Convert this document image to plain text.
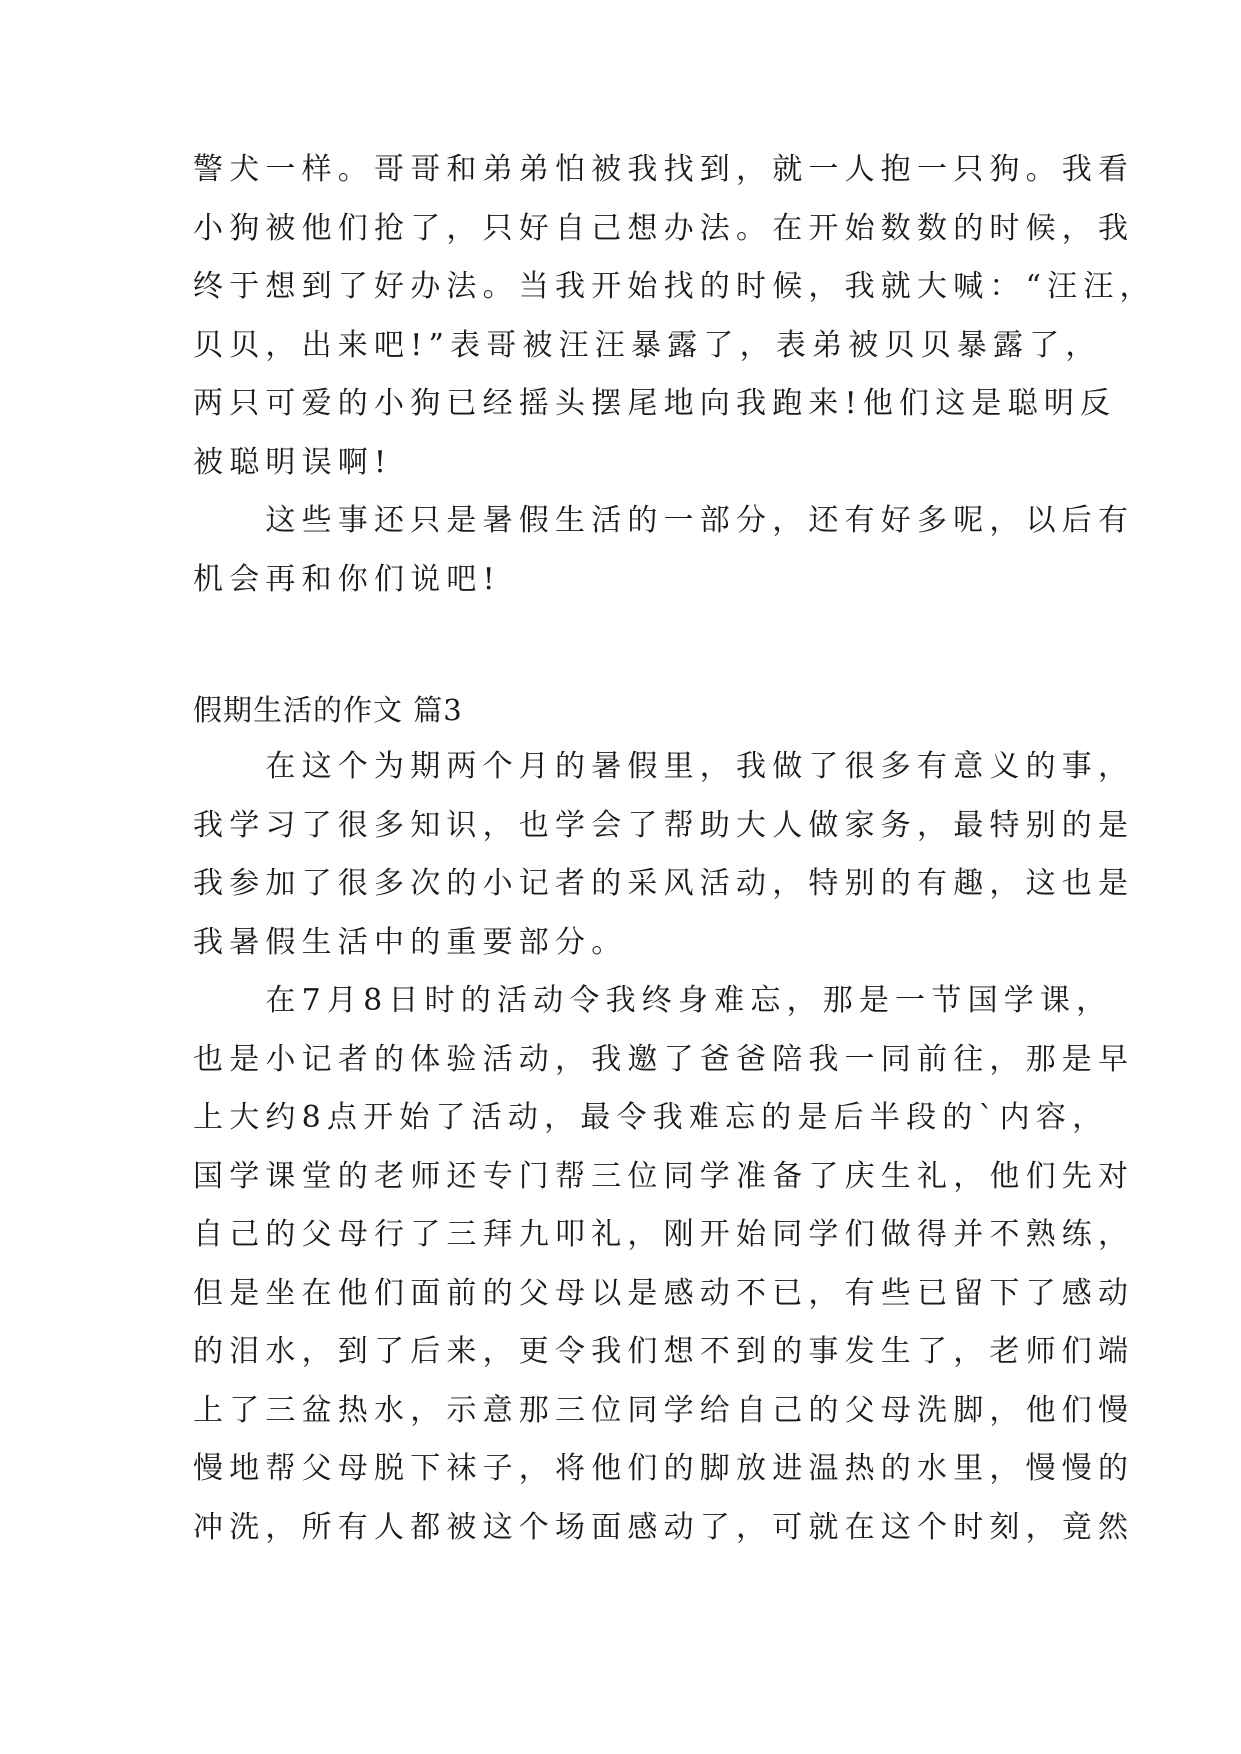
警犬一样。哥哥和弟弟怕被我找到，就一人抱一只狗。我看
小狗被他们抢了，只好自己想办法。在开始数数的时候，我
终于想到了好办法。当我开始找的时候，我就大喊：“汪汪，
贝贝，出来吧!”表哥被汪汪暴露了，表弟被贝贝暴露了，
两只可爱的小狗已经摇头摆尾地向我跑来!他们这是聪明反
被聪明误啊!
　　这些事还只是暑假生活的一部分，还有好多呢，以后有
机会再和你们说吧!
假期生活的作文 篇3
　　在这个为期两个月的暑假里，我做了很多有意义的事，
我学习了很多知识，也学会了帮助大人做家务，最特别的是
我参加了很多次的小记者的采风活动，特别的有趣，这也是
我暑假生活中的重要部分。
　　在7月8日时的活动令我终身难忘，那是一节国学课，
也是小记者的体验活动，我邀了爸爸陪我一同前往，那是早
上大约8点开始了活动，最令我难忘的是后半段的`内容，
国学课堂的老师还专门帮三位同学准备了庆生礼，他们先对
自己的父母行了三拜九叩礼，刚开始同学们做得并不熟练，
但是坐在他们面前的父母以是感动不已，有些已留下了感动
的泪水，到了后来，更令我们想不到的事发生了，老师们端
上了三盆热水，示意那三位同学给自己的父母洗脚，他们慢
慢地帮父母脱下袜子，将他们的脚放进温热的水里，慢慢的
冲洗，所有人都被这个场面感动了，可就在这个时刻，竟然
